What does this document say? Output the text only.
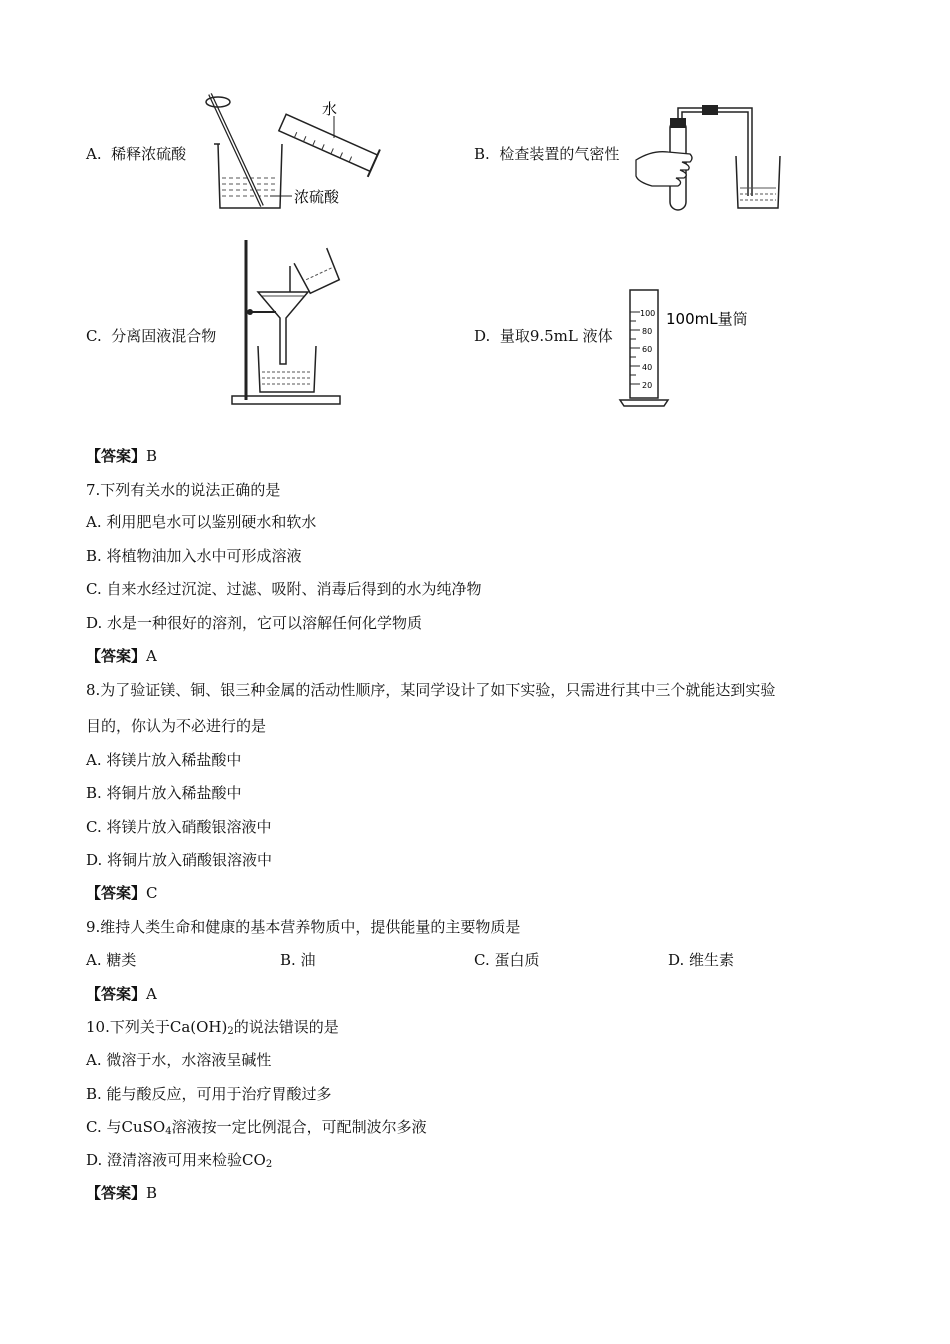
A. 稀释浓硫酸
水
浓硫酸
B. 检查装置的气密性
C. 分离固液混合物	D. 量取9.5mL 液体
100
80
60
40
20
100mL量筒
【答案】B
7.下列有关水的说法正确的是
A. 利用肥皂水可以鉴别硬水和软水
B. 将植物油加入水中可形成溶液
C. 自来水经过沉淀、过滤、吸附、消毒后得到的水为纯净物
D. 水是一种很好的溶剂，它可以溶解任何化学物质
【答案】A
8.为了验证镁、铜、银三种金属的活动性顺序，某同学设计了如下实验，只需进行其中三个就能达到实验
目的，你认为不必进行的是
A. 将镁片放入稀盐酸中
B. 将铜片放入稀盐酸中
C. 将镁片放入硝酸银溶液中
D. 将铜片放入硝酸银溶液中
【答案】C
9.维持人类生命和健康的基本营养物质中，提供能量的主要物质是
A. 糖类	B. 油	C. 蛋白质	D. 维生素
【答案】A
10.下列关于$Ca(OH)_2$的说法错误的是
A. 微溶于水，水溶液呈碱性
B. 能与酸反应，可用于治疗胃酸过多
C. 与CuSO$_4$溶液按一定比例混合，可配制波尔多液
D. 澄清溶液可用来检验$CO_2$
【答案】B
